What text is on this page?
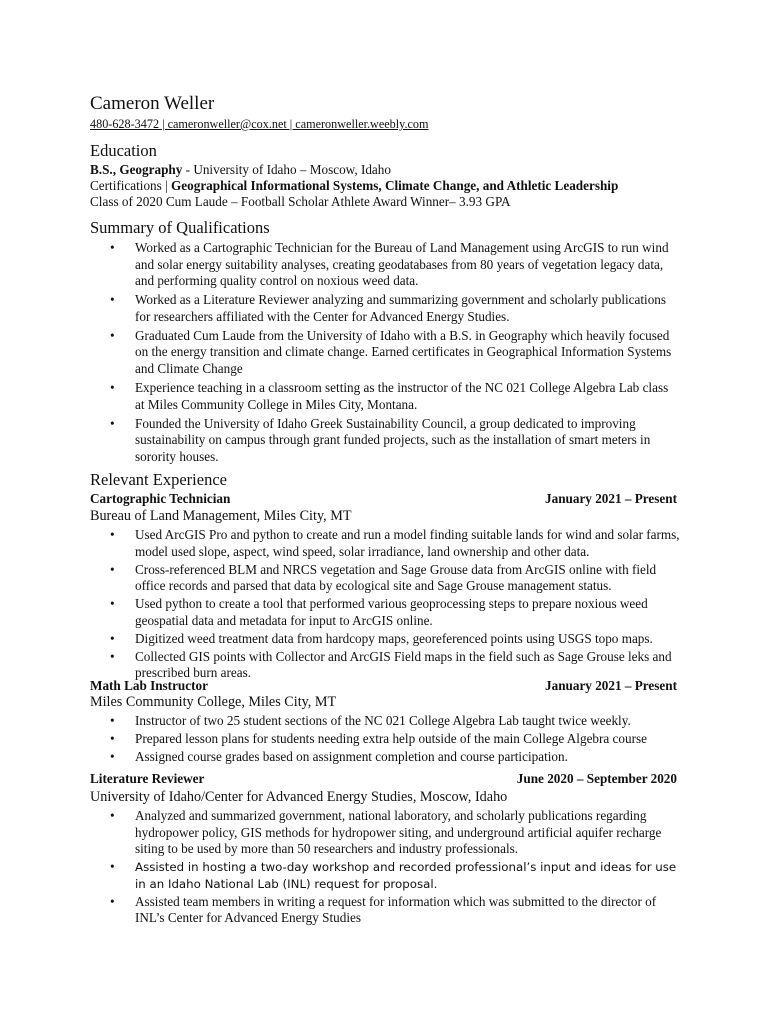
Cameron Weller
480-628-3472 | cameronweller@cox.net | cameronweller.weebly.com
Education
B.S., Geography - University of Idaho – Moscow, Idaho
Certifications | Geographical Informational Systems, Climate Change, and Athletic Leadership
Class of 2020 Cum Laude – Football Scholar Athlete Award Winner– 3.93 GPA
Summary of Qualifications
• Worked as a Cartographic Technician for the Bureau of Land Management using ArcGIS to run wind and solar energy suitability analyses, creating geodatabases from 80 years of vegetation legacy data, and performing quality control on noxious weed data.
• Worked as a Literature Reviewer analyzing and summarizing government and scholarly publications for researchers affiliated with the Center for Advanced Energy Studies.
• Graduated Cum Laude from the University of Idaho with a B.S. in Geography which heavily focused on the energy transition and climate change. Earned certificates in Geographical Information Systems and Climate Change
• Experience teaching in a classroom setting as the instructor of the NC 021 College Algebra Lab class at Miles Community College in Miles City, Montana.
• Founded the University of Idaho Greek Sustainability Council, a group dedicated to improving sustainability on campus through grant funded projects, such as the installation of smart meters in sorority houses.
Relevant Experience
Cartographic Technician	January 2021 – Present
Bureau of Land Management, Miles City, MT
• Used ArcGIS Pro and python to create and run a model finding suitable lands for wind and solar farms, model used slope, aspect, wind speed, solar irradiance, land ownership and other data.
• Cross-referenced BLM and NRCS vegetation and Sage Grouse data from ArcGIS online with field office records and parsed that data by ecological site and Sage Grouse management status.
• Used python to create a tool that performed various geoprocessing steps to prepare noxious weed geospatial data and metadata for input to ArcGIS online.
• Digitized weed treatment data from hardcopy maps, georeferenced points using USGS topo maps.
• Collected GIS points with Collector and ArcGIS Field maps in the field such as Sage Grouse leks and prescribed burn areas.
Math Lab Instructor	January 2021 – Present
Miles Community College, Miles City, MT
• Instructor of two 25 student sections of the NC 021 College Algebra Lab taught twice weekly.
• Prepared lesson plans for students needing extra help outside of the main College Algebra course
• Assigned course grades based on assignment completion and course participation.
Literature Reviewer	June 2020 – September 2020
University of Idaho/Center for Advanced Energy Studies, Moscow, Idaho
• Analyzed and summarized government, national laboratory, and scholarly publications regarding hydropower policy, GIS methods for hydropower siting, and underground artificial aquifer recharge siting to be used by more than 50 researchers and industry professionals.
• Assisted in hosting a two-day workshop and recorded professional’s input and ideas for use in an Idaho National Lab (INL) request for proposal.
• Assisted team members in writing a request for information which was submitted to the director of INL’s Center for Advanced Energy Studies
